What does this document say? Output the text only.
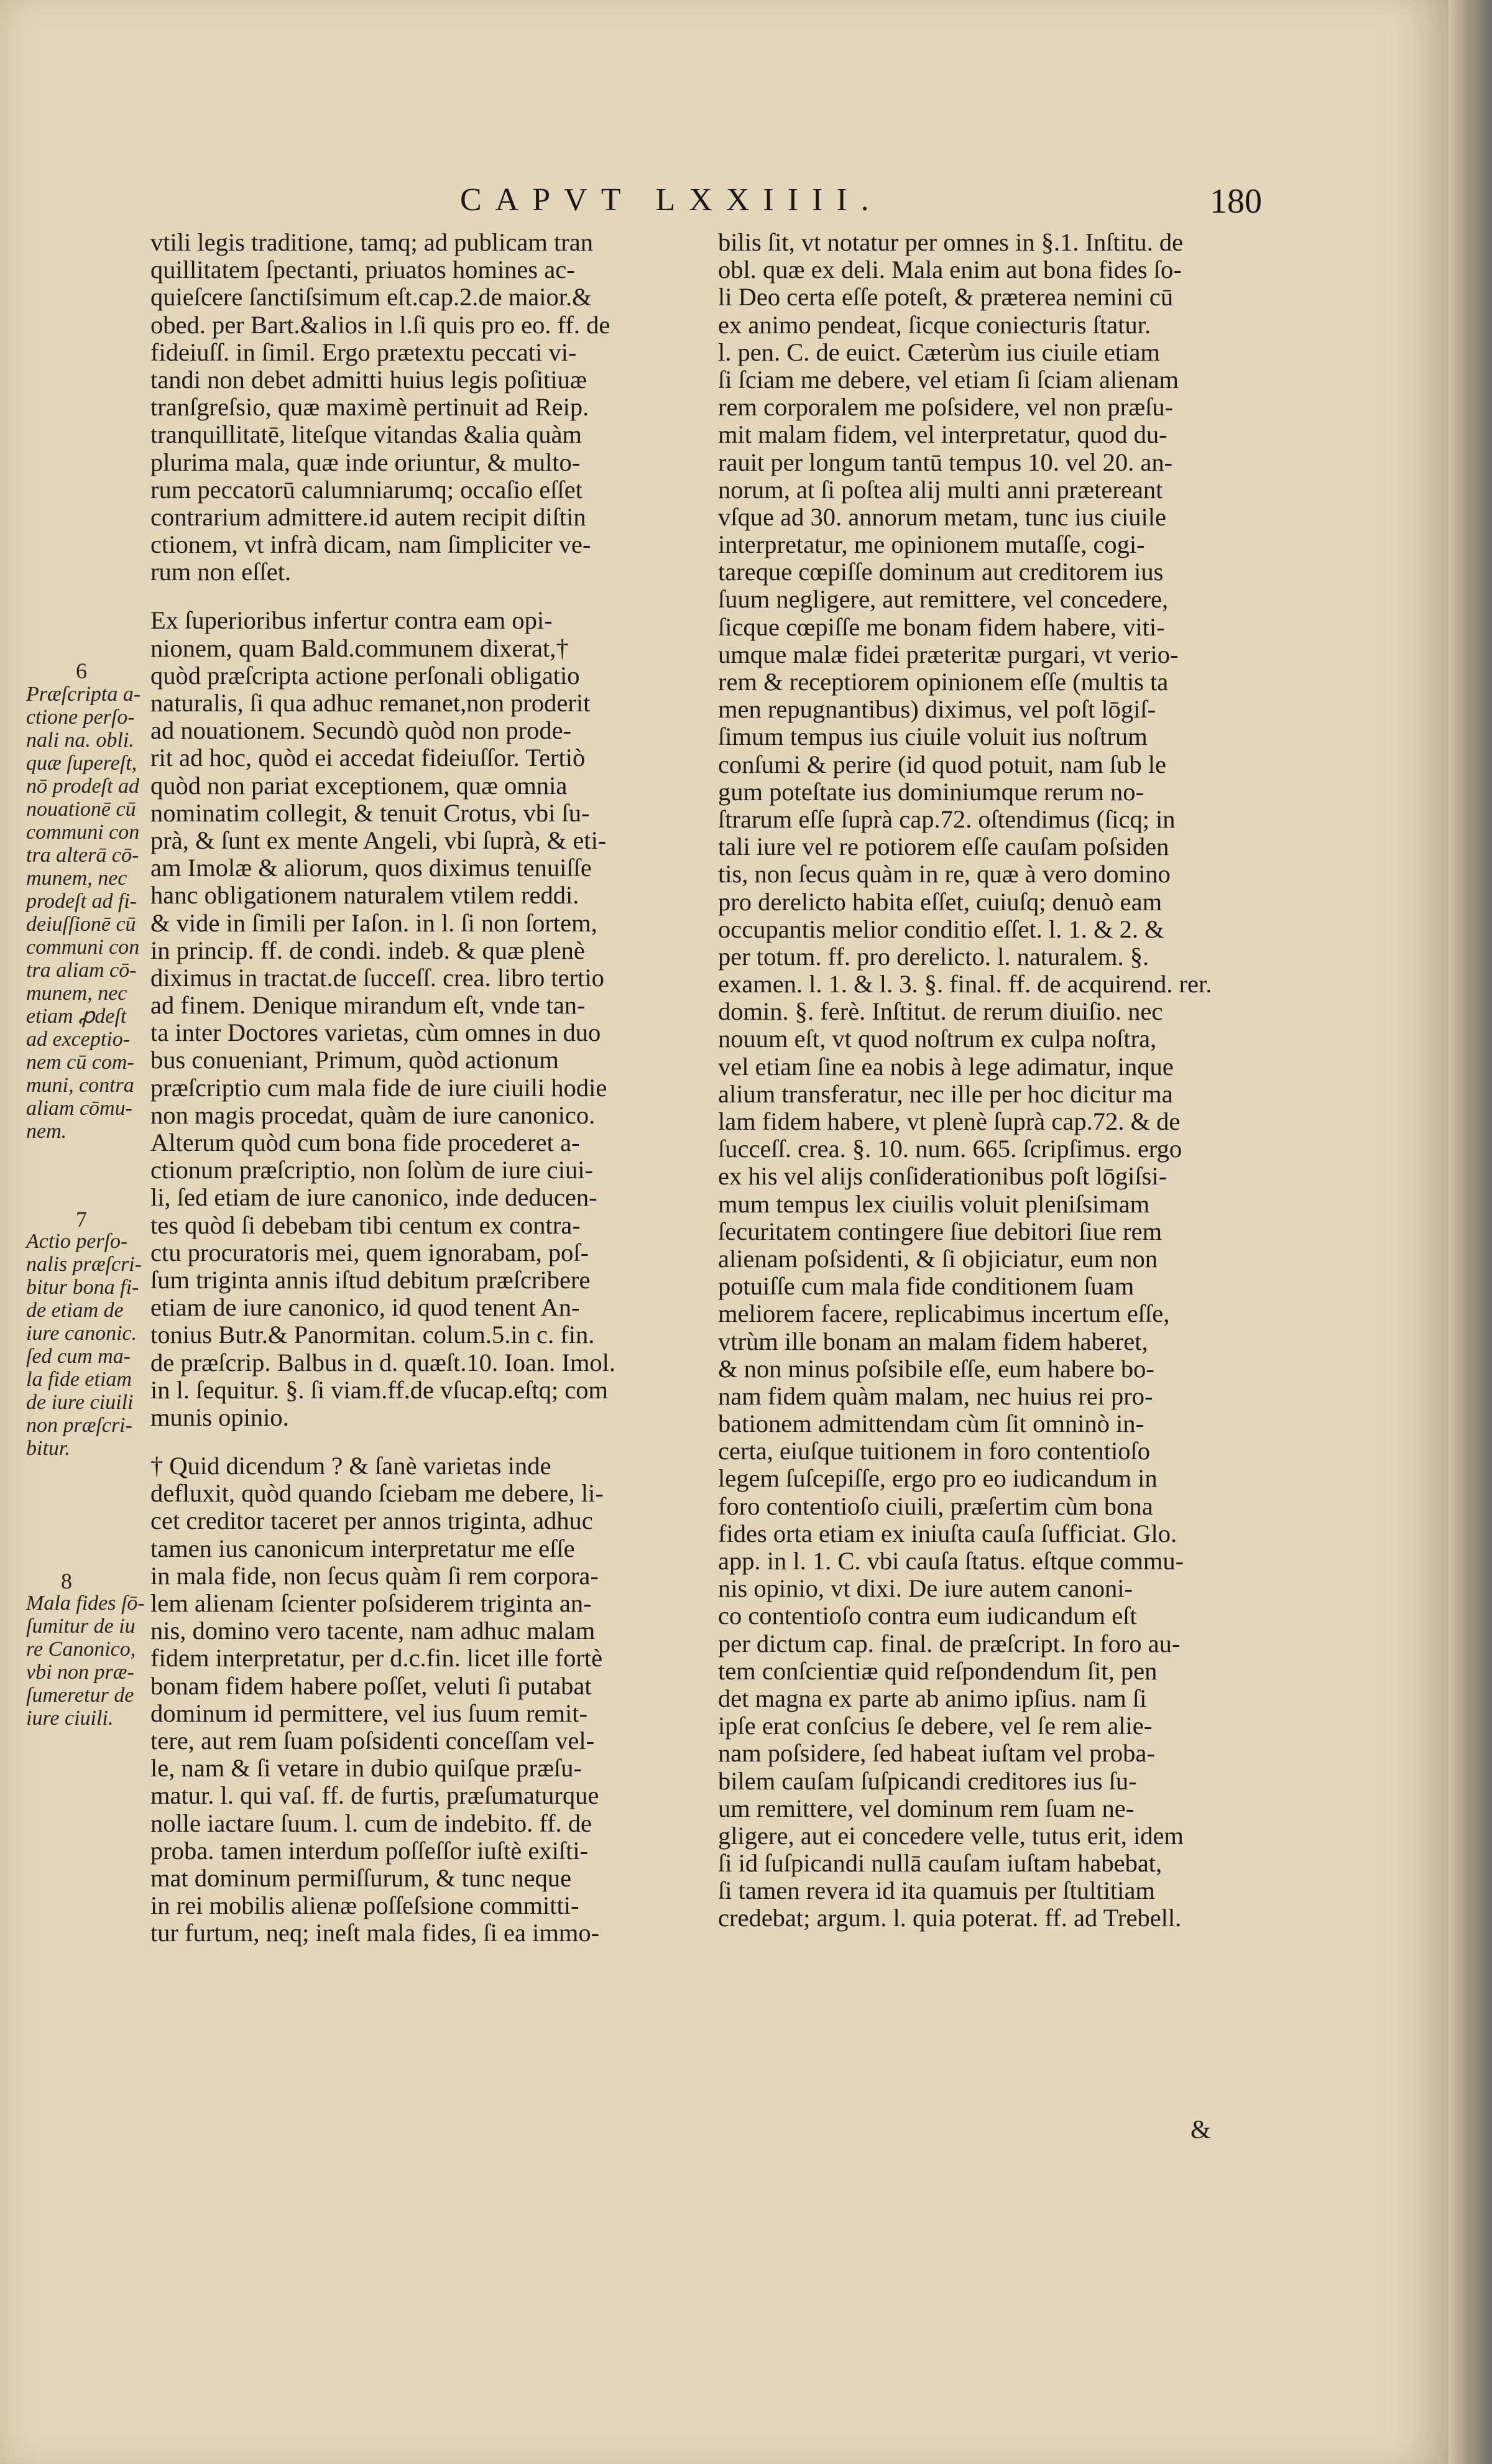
CAPVT LXXIIII.	180
vtili legis traditione, tamq; ad publicam tran
quillitatem ſpectanti, priuatos homines ac-
quieſcere ſanctiſsimum eſt.cap.2.de maior.&
obed. per Bart.&alios in l.ſi quis pro eo. ff. de
fideiuſſ. in ſimil. Ergo prætextu peccati vi-
tandi non debet admitti huius legis poſitiuæ
tranſgreſsio, quæ maximè pertinuit ad Reip.
tranquillitatē, liteſque vitandas &alia quàm
plurima mala, quæ inde oriuntur, & multo-
rum peccatorū calumniarumq; occaſio eſſet
contrarium admittere.id autem recipit diſtin
ctionem, vt infrà dicam, nam ſimpliciter ve-
rum non eſſet.
Ex ſuperioribus infertur contra eam opi-
nionem, quam Bald.communem dixerat,†
quòd præſcripta actione perſonali obligatio
naturalis, ſi qua adhuc remanet,non proderit
ad nouationem. Secundò quòd non prode-
rit ad hoc, quòd ei accedat fideiuſſor. Tertiò
quòd non pariat exceptionem, quæ omnia
nominatim collegit, & tenuit Crotus, vbi ſu-
prà, & ſunt ex mente Angeli, vbi ſuprà, & eti-
am Imolæ & aliorum, quos diximus tenuiſſe
hanc obligationem naturalem vtilem reddi.
& vide in ſimili per Iaſon. in l. ſi non ſortem,
in princip. ff. de condi. indeb. & quæ plenè
diximus in tractat.de ſucceſſ. crea. libro tertio
ad finem. Denique mirandum eſt, vnde tan-
ta inter Doctores varietas, cùm omnes in duo
bus conueniant, Primum, quòd actionum
præſcriptio cum mala fide de iure ciuili hodie
non magis procedat, quàm de iure canonico.
Alterum quòd cum bona fide procederet a-
ctionum præſcriptio, non ſolùm de iure ciui-
li, ſed etiam de iure canonico, inde deducen-
tes quòd ſi debebam tibi centum ex contra-
ctu procuratoris mei, quem ignorabam, poſ-
ſum triginta annis iſtud debitum præſcribere
etiam de iure canonico, id quod tenent An-
tonius Butr.& Panormitan. colum.5.in c. fin.
de præſcrip. Balbus in d. quæſt.10. Ioan. Imol.
in l. ſequitur. §. ſi viam.ff.de vſucap.eſtq; com
munis opinio.
† Quid dicendum ? & ſanè varietas inde
defluxit, quòd quando ſciebam me debere, li-
cet creditor taceret per annos triginta, adhuc
tamen ius canonicum interpretatur me eſſe
in mala fide, non ſecus quàm ſi rem corpora-
lem alienam ſcienter poſsiderem triginta an-
nis, domino vero tacente, nam adhuc malam
fidem interpretatur, per d.c.fin. licet ille fortè
bonam fidem habere poſſet, veluti ſi putabat
dominum id permittere, vel ius ſuum remit-
tere, aut rem ſuam poſsidenti conceſſam vel-
le, nam & ſi vetare in dubio quiſque præſu-
matur. l. qui vaſ. ff. de furtis, præſumaturque
nolle iactare ſuum. l. cum de indebito. ff. de
proba. tamen interdum poſſeſſor iuſtè exiſti-
mat dominum permiſſurum, & tunc neque
in rei mobilis alienæ poſſeſsione committi-
tur furtum, neq; ineſt mala fides, ſi ea immo-
bilis ſit, vt notatur per omnes in §.1. Inſtitu. de
obl. quæ ex deli. Mala enim aut bona fides ſo-
li Deo certa eſſe poteſt, & præterea nemini cū
ex animo pendeat, ſicque coniecturis ſtatur.
l. pen. C. de euict. Cæterùm ius ciuile etiam
ſi ſciam me debere, vel etiam ſi ſciam alienam
rem corporalem me poſsidere, vel non præſu-
mit malam fidem, vel interpretatur, quod du-
rauit per longum tantū tempus 10. vel 20. an-
norum, at ſi poſtea alij multi anni prætereant
vſque ad 30. annorum metam, tunc ius ciuile
interpretatur, me opinionem mutaſſe, cogi-
tareque cœpiſſe dominum aut creditorem ius
ſuum negligere, aut remittere, vel concedere,
ſicque cœpiſſe me bonam fidem habere, viti-
umque malæ fidei præteritæ purgari, vt verio-
rem & receptiorem opinionem eſſe (multis ta
men repugnantibus) diximus, vel poſt lōgiſ-
ſimum tempus ius ciuile voluit ius noſtrum
conſumi & perire (id quod potuit, nam ſub le
gum poteſtate ius dominiumque rerum no-
ſtrarum eſſe ſuprà cap.72. oſtendimus (ſicq; in
tali iure vel re potiorem eſſe cauſam poſsiden
tis, non ſecus quàm in re, quæ à vero domino
pro derelicto habita eſſet, cuiuſq; denuò eam
occupantis melior conditio eſſet. l. 1. & 2. &
per totum. ff. pro derelicto. l. naturalem. §.
examen. l. 1. & l. 3. §. final. ff. de acquirend. rer.
domin. §. ferè. Inſtitut. de rerum diuiſio. nec
nouum eſt, vt quod noſtrum ex culpa noſtra,
vel etiam ſine ea nobis à lege adimatur, inque
alium transferatur, nec ille per hoc dicitur ma
lam fidem habere, vt plenè ſuprà cap.72. & de
ſucceſſ. crea. §. 10. num. 665. ſcripſimus. ergo
ex his vel alijs conſiderationibus poſt lōgiſsi-
mum tempus lex ciuilis voluit pleniſsimam
ſecuritatem contingere ſiue debitori ſiue rem
alienam poſsidenti, & ſi objiciatur, eum non
potuiſſe cum mala fide conditionem ſuam
meliorem facere, replicabimus incertum eſſe,
vtrùm ille bonam an malam fidem haberet,
& non minus poſsibile eſſe, eum habere bo-
nam fidem quàm malam, nec huius rei pro-
bationem admittendam cùm ſit omninò in-
certa, eiuſque tuitionem in foro contentioſo
legem ſuſcepiſſe, ergo pro eo iudicandum in
foro contentioſo ciuili, præſertim cùm bona
fides orta etiam ex iniuſta cauſa ſufficiat. Glo.
app. in l. 1. C. vbi cauſa ſtatus. eſtque commu-
nis opinio, vt dixi. De iure autem canoni-
co contentioſo contra eum iudicandum eſt
per dictum cap. final. de præſcript. In foro au-
tem conſcientiæ quid reſpondendum ſit, pen
det magna ex parte ab animo ipſius. nam ſi
ipſe erat conſcius ſe debere, vel ſe rem alie-
nam poſsidere, ſed habeat iuſtam vel proba-
bilem cauſam ſuſpicandi creditores ius ſu-
um remittere, vel dominum rem ſuam ne-
gligere, aut ei concedere velle, tutus erit, idem
ſi id ſuſpicandi nullā cauſam iuſtam habebat,
ſi tamen revera id ita quamuis per ſtultitiam
credebat; argum. l. quia poterat. ff. ad Trebell.
6
Præſcripta a-
ctione perſo-
nali na. obli.
quæ ſupereſt,
nō prodeſt ad
nouationē cū
communi con
tra alterā cō-
munem, nec
prodeſt ad fi-
deiuſſionē cū
communi con
tra aliam cō-
munem, nec
etiam ꝓdeſt
ad exceptio-
nem cū com-
muni, contra
aliam cōmu-
nem.
7
Actio perſo-
nalis præſcri-
bitur bona fi-
de etiam de
iure canonic.
ſed cum ma-
la fide etiam
de iure ciuili
non præſcri-
bitur.
8
Mala fides ſō-
ſumitur de iu
re Canonico,
vbi non præ-
ſumeretur de
iure ciuili.
&
